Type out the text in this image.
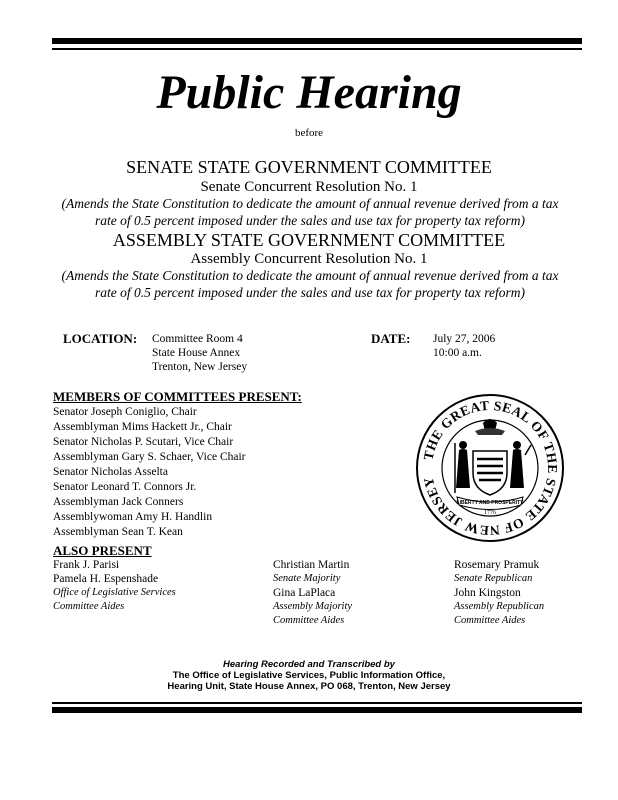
Public Hearing
before
SENATE STATE GOVERNMENT COMMITTEE
Senate Concurrent Resolution No. 1
(Amends the State Constitution to dedicate the amount of annual revenue derived from a tax
rate of 0.5 percent imposed under the sales and use tax for property tax reform)
ASSEMBLY STATE GOVERNMENT COMMITTEE
Assembly Concurrent Resolution No. 1
(Amends the State Constitution to dedicate the amount of annual revenue derived from a tax
rate of 0.5 percent imposed under the sales and use tax for property tax reform)
LOCATION: Committee Room 4
State House Annex
Trenton, New Jersey
DATE: July 27, 2006
10:00 a.m.
MEMBERS OF COMMITTEES PRESENT:
Senator Joseph Coniglio, Chair
Assemblyman Mims Hackett Jr., Chair
Senator Nicholas P. Scutari, Vice Chair
Assemblyman Gary S. Schaer, Vice Chair
Senator Nicholas Asselta
Senator Leonard T. Connors Jr.
Assemblyman Jack Conners
Assemblywoman Amy H. Handlin
Assemblyman Sean T. Kean
THE GREAT SEAL OF THE STATE OF NEW JERSEY
LIBERTY AND PROSPERITY
1776
ALSO PRESENT
Frank J. Parisi
Pamela H. Espenshade
Office of Legislative Services
Committee Aides
Christian Martin
Senate Majority
Gina LaPlaca
Assembly Majority
Committee Aides
Rosemary Pramuk
Senate Republican
John Kingston
Assembly Republican
Committee Aides
Hearing Recorded and Transcribed by
The Office of Legislative Services, Public Information Office,
Hearing Unit, State House Annex, PO 068, Trenton, New Jersey
